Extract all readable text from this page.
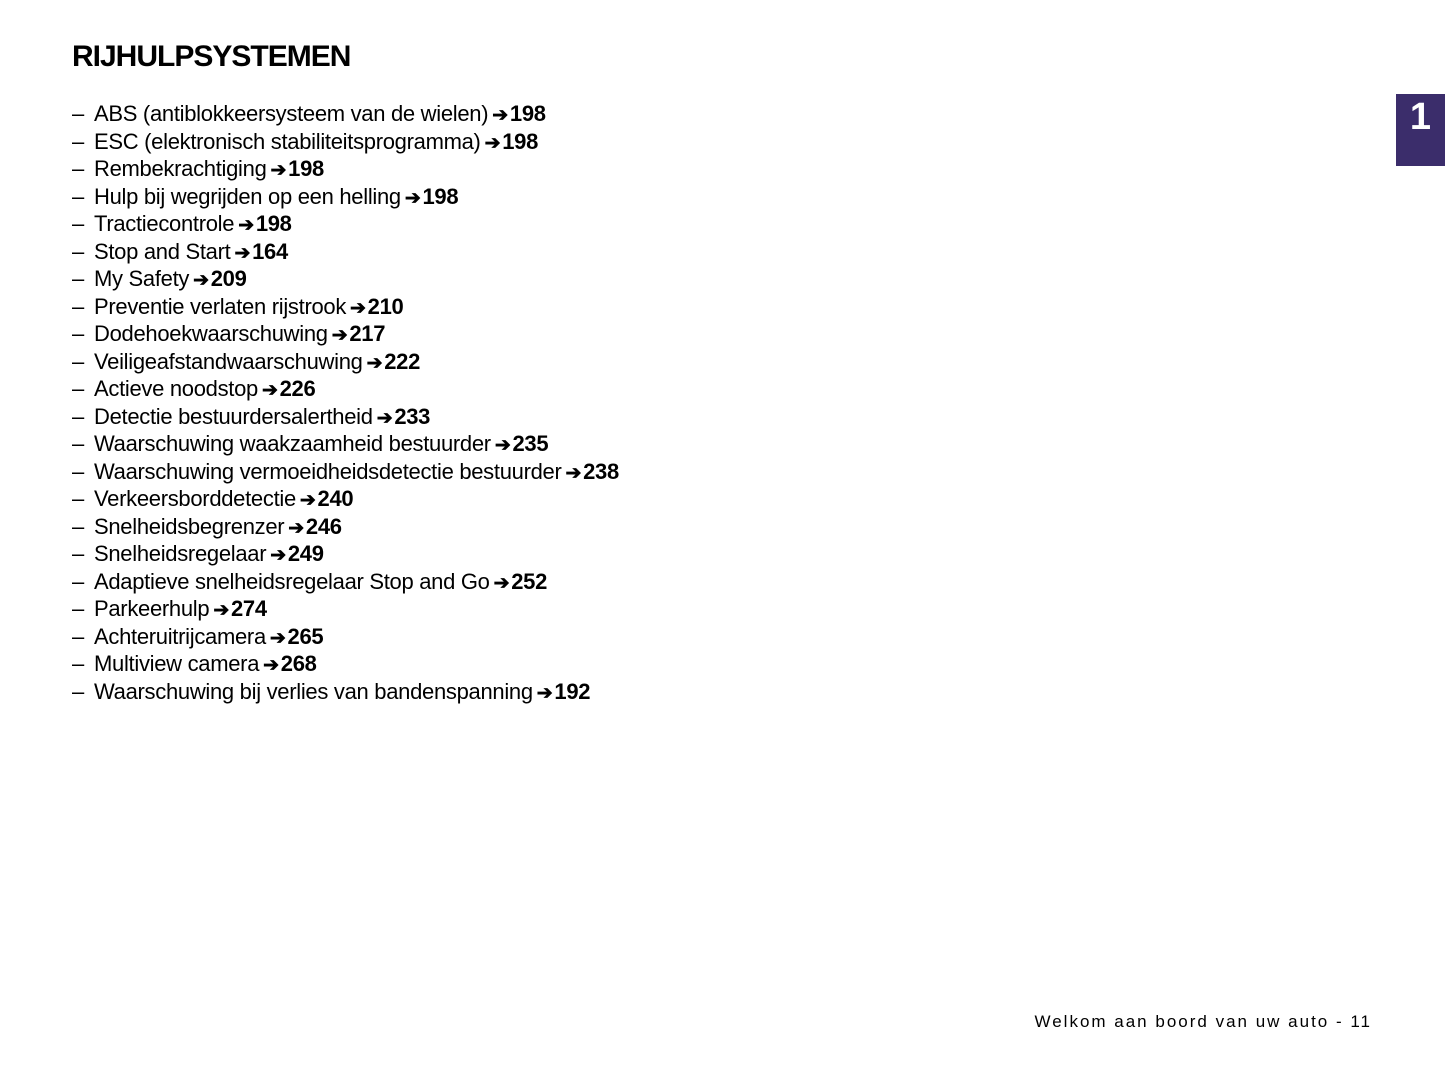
RIJHULPSYSTEMEN
– ABS (antiblokkeersysteem van de wielen) ➔198
– ESC (elektronisch stabiliteitsprogramma) ➔198
– Rembekrachtiging ➔198
– Hulp bij wegrijden op een helling ➔198
– Tractiecontrole ➔198
– Stop and Start ➔164
– My Safety ➔209
– Preventie verlaten rijstrook ➔210
– Dodehoekwaarschuwing ➔217
– Veiligeafstandwaarschuwing ➔222
– Actieve noodstop ➔226
– Detectie bestuurdersalertheid ➔233
– Waarschuwing waakzaamheid bestuurder ➔235
– Waarschuwing vermoeidheidsdetectie bestuurder ➔238
– Verkeersborddetectie ➔240
– Snelheidsbegrenzer ➔246
– Snelheidsregelaar ➔249
– Adaptieve snelheidsregelaar Stop and Go ➔252
– Parkeerhulp ➔274
– Achteruitrijcamera ➔265
– Multiview camera ➔268
– Waarschuwing bij verlies van bandenspanning ➔192
1
Welkom aan boord van uw auto - 11
